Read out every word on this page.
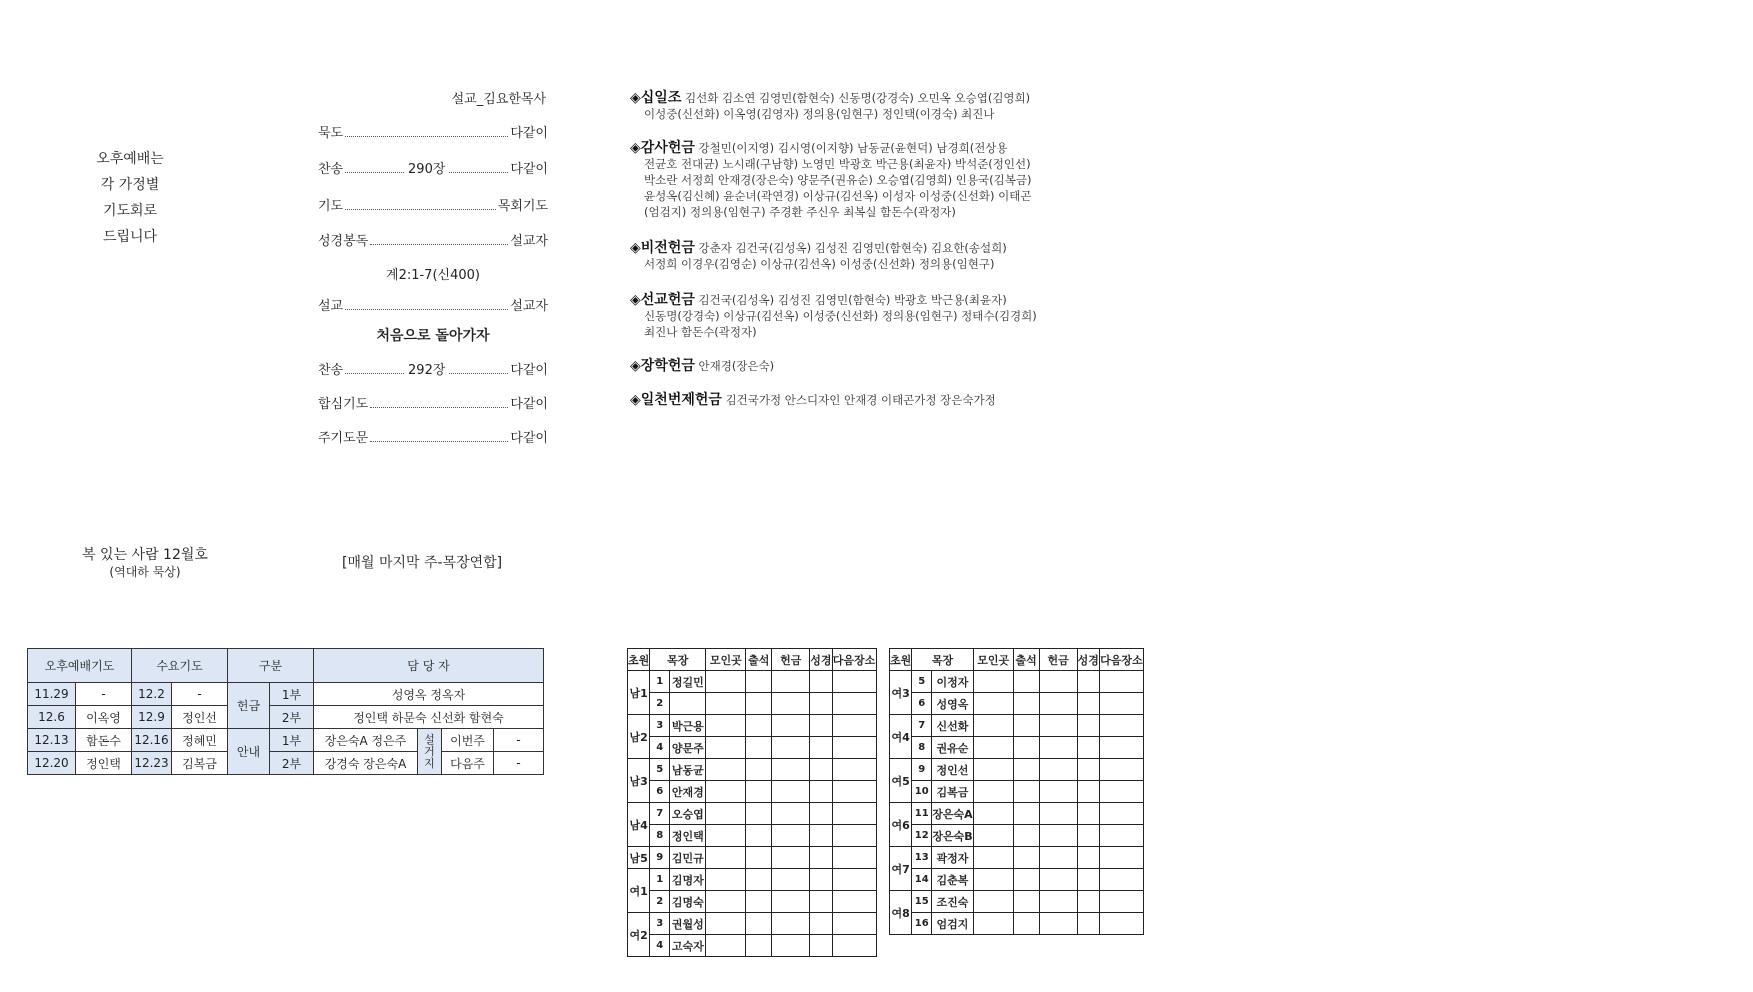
오후예배는
각 가정별
기도회로
드립니다
설교_김요한목사
묵도	다같이
찬송	290장	다같이
기도	목회기도
성경봉독	설교자
계2:1-7(신400)
설교	설교자
처음으로 돌아가자
찬송	292장	다같이
합심기도	다같이
주기도문	다같이
◈십일조 김선화 김소연 김영민(함현숙) 신동명(강경숙) 오민옥 오승엽(김영희)
이성중(신선화) 이옥영(김영자) 정의용(임현구) 정인택(이경숙) 최진나
◈감사헌금 강철민(이지영) 김시영(이지향) 남동균(윤현덕) 남경희(전상용
전균호 전대균) 노시래(구남향) 노영민 박광호 박근용(최윤자) 박석준(정인선)
박소란 서정희 안재경(장은숙) 양문주(권유순) 오승엽(김영희) 인용국(김복금)
윤성옥(김신혜) 윤순녀(곽연경) 이상규(김선옥) 이성자 이성중(신선화) 이태곤
(엄검지) 정의용(임현구) 주경환 주신우 최복실 함돈수(곽정자)
◈비전헌금 강춘자 김건국(김성옥) 김성진 김영민(함현숙) 김요한(송설희)
서정희 이경우(김영순) 이상규(김선옥) 이성중(신선화) 정의용(임현구)
◈선교헌금 김건국(김성옥) 김성진 김영민(함현숙) 박광호 박근용(최윤자)
신동명(강경숙) 이상규(김선옥) 이성중(신선화) 정의용(임현구) 정태수(김경희)
최진나 함돈수(곽정자)
◈장학헌금 안재경(장은숙)
◈일천번제헌금 김건국가정 안스디자인 안재경 이태곤가정 장은숙가정
복 있는 사람 12월호
(역대하 묵상)
[매월 마지막 주-목장연합]
오후예배기도		수요기도		구분		담 당 자			
11.29	-	12.2	-	헌금	1부	성영옥 정옥자			
12.6	이옥영	12.9	정인선		2부	정인택 하문숙 신선화 함현숙			
12.13	함돈수	12.16	정혜민	안내	1부	장은숙A 정은주	설거지	이번주	-
12.20	정인택	12.23	김복금		2부	강경숙 장은숙A		다음주	-
초원	목장		모인곳	출석	헌금	성경	다음장소
남1	1	정길민					
	2						
남2	3	박근용					
	4	양문주					
남3	5	남동균					
	6	안재경					
남4	7	오승엽					
	8	정인택					
남5	9	김민규					
여1	1	김명자					
	2	김명숙					
여2	3	권월성					
	4	고숙자					
초원	목장		모인곳	출석	헌금	성경	다음장소
여3	5	이정자					
	6	성영옥					
여4	7	신선화					
	8	권유순					
여5	9	정인선					
	10	김복금					
여6	11	장은숙A					
	12	장은숙B					
여7	13	곽정자					
	14	김춘복					
여8	15	조진숙					
	16	엄검지					
